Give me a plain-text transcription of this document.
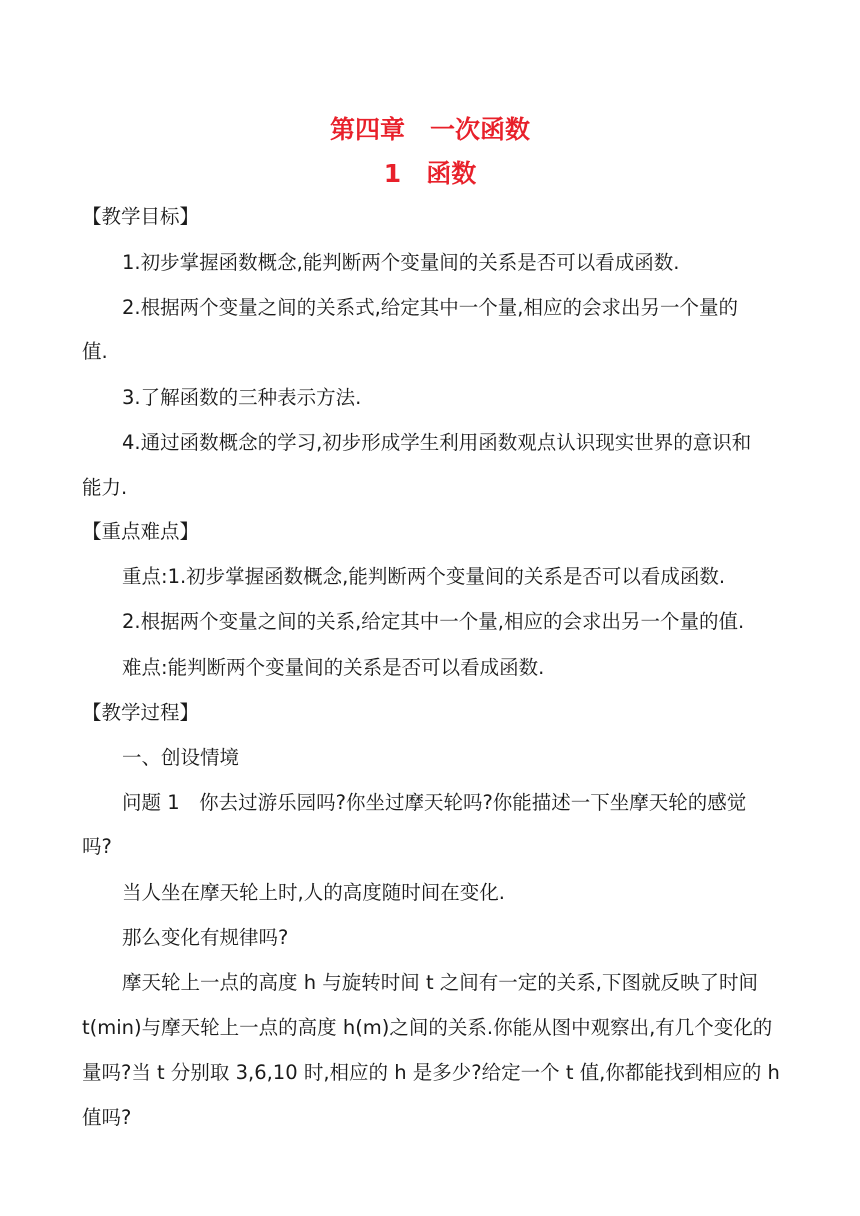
第四章　一次函数
1　函数
【教学目标】
1.初步掌握函数概念,能判断两个变量间的关系是否可以看成函数.
2.根据两个变量之间的关系式,给定其中一个量,相应的会求出另一个量的
值.
3.了解函数的三种表示方法.
4.通过函数概念的学习,初步形成学生利用函数观点认识现实世界的意识和
能力.
【重点难点】
重点:1.初步掌握函数概念,能判断两个变量间的关系是否可以看成函数.
2.根据两个变量之间的关系,给定其中一个量,相应的会求出另一个量的值.
难点:能判断两个变量间的关系是否可以看成函数.
【教学过程】
一、创设情境
问题 1　你去过游乐园吗?你坐过摩天轮吗?你能描述一下坐摩天轮的感觉
吗?
当人坐在摩天轮上时,人的高度随时间在变化.
那么变化有规律吗?
摩天轮上一点的高度 h 与旋转时间 t 之间有一定的关系,下图就反映了时间
t(min)与摩天轮上一点的高度 h(m)之间的关系.你能从图中观察出,有几个变化的
量吗?当 t 分别取 3,6,10 时,相应的 h 是多少?给定一个 t 值,你都能找到相应的 h
值吗?
